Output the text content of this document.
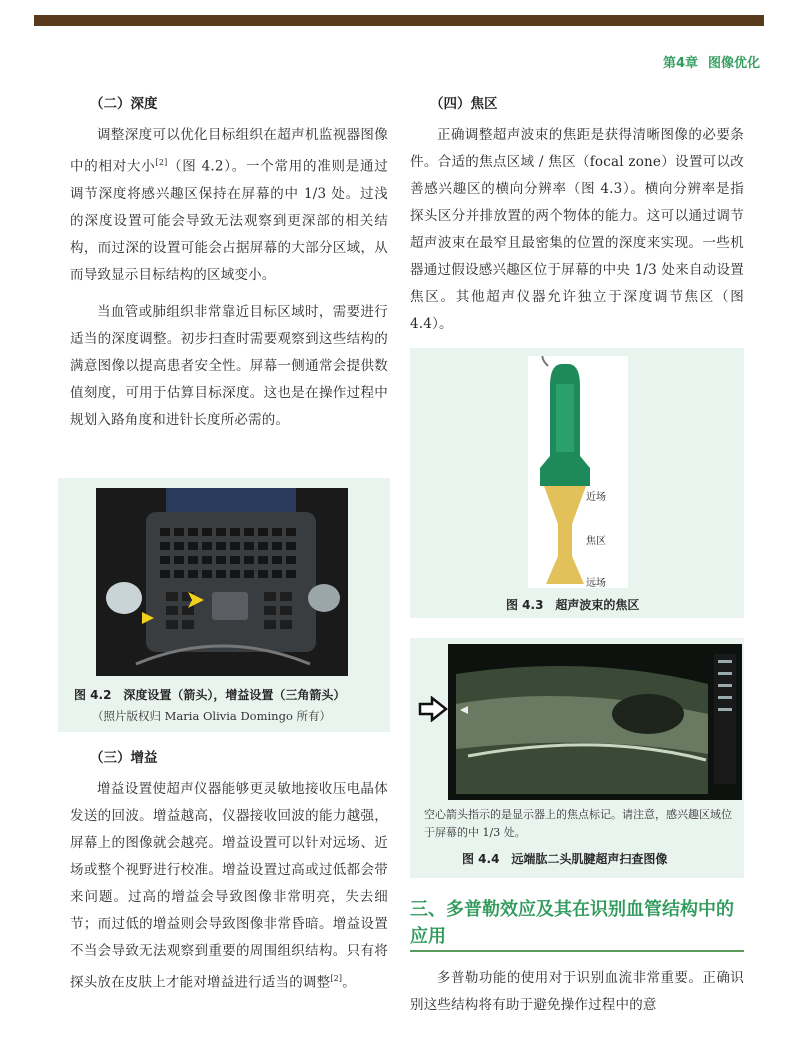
第4章 图像优化
（二）深度

调整深度可以优化目标组织在超声机监视器图像中的相对大小[2]（图 4.2）。一个常用的准则是通过调节深度将感兴趣区保持在屏幕的中 1/3 处。过浅的深度设置可能会导致无法观察到更深部的相关结构，而过深的设置可能会占据屏幕的大部分区域，从而导致显示目标结构的区域变小。

当血管或肺组织非常靠近目标区域时，需要进行适当的深度调整。初步扫查时需要观察到这些结构的满意图像以提高患者安全性。屏幕一侧通常会提供数值刻度，可用于估算目标深度。这也是在操作过程中规划入路角度和进针长度所必需的。

图 4.2　深度设置（箭头），增益设置（三角箭头）
（照片版权归 Maria Olivia Domingo 所有）
（三）增益

增益设置使超声仪器能够更灵敏地接收压电晶体发送的回波。增益越高，仪器接收回波的能力越强，屏幕上的图像就会越亮。增益设置可以针对远场、近场或整个视野进行校准。增益设置过高或过低都会带来问题。过高的增益会导致图像非常明亮，失去细节；而过低的增益则会导致图像非常昏暗。增益设置不当会导致无法观察到重要的周围组织结构。只有将探头放在皮肤上才能对增益进行适当的调整[2]。

（四）焦区

正确调整超声波束的焦距是获得清晰图像的必要条件。合适的焦点区域 / 焦区（focal zone）设置可以改善感兴趣区的横向分辨率（图 4.3）。横向分辨率是指探头区分并排放置的两个物体的能力。这可以通过调节超声波束在最窄且最密集的位置的深度来实现。一些机器通过假设感兴趣区位于屏幕的中央 1/3 处来自动设置焦区。其他超声仪器允许独立于深度调节焦区（图 4.4）。

近场
焦区
远场
图 4.3　超声波束的焦区
空心箭头指示的是显示器上的焦点标记。请注意，感兴趣区域位于屏幕的中 1/3 处。
图 4.4　远端肱二头肌腱超声扫查图像
三、多普勒效应及其在识别血管结构中的应用

多普勒功能的使用对于识别血流非常重要。正确识别这些结构将有助于避免操作过程中的意
